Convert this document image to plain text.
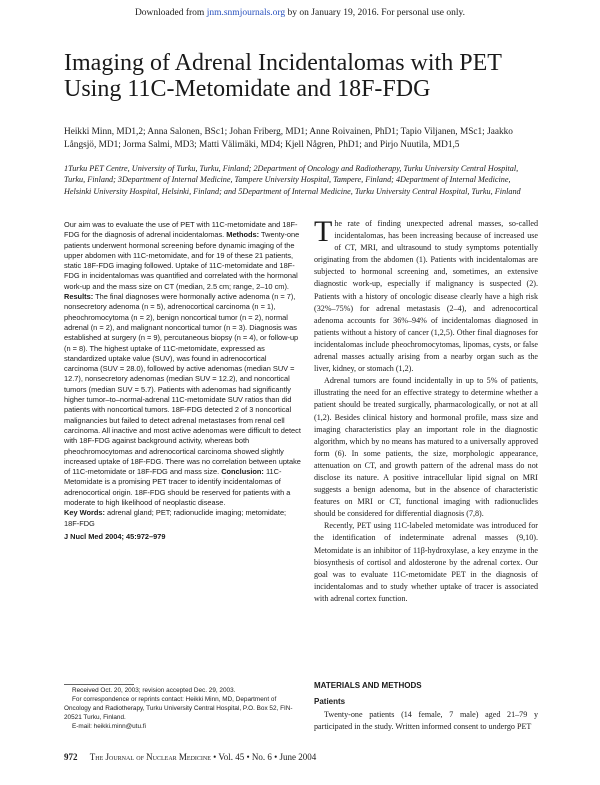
Downloaded from jnm.snmjournals.org by on January 19, 2016. For personal use only.
Imaging of Adrenal Incidentalomas with PET Using 11C-Metomidate and 18F-FDG
Heikki Minn, MD1,2; Anna Salonen, BSc1; Johan Friberg, MD1; Anne Roivainen, PhD1; Tapio Viljanen, MSc1; Jaakko Långsjö, MD1; Jorma Salmi, MD3; Matti Välimäki, MD4; Kjell Någren, PhD1; and Pirjo Nuutila, MD1,5
1Turku PET Centre, University of Turku, Turku, Finland; 2Department of Oncology and Radiotherapy, Turku University Central Hospital, Turku, Finland; 3Department of Internal Medicine, Tampere University Hospital, Tampere, Finland; 4Department of Internal Medicine, Helsinki University Hospital, Helsinki, Finland; and 5Department of Internal Medicine, Turku University Central Hospital, Turku, Finland
Our aim was to evaluate the use of PET with 11C-metomidate and 18F-FDG for the diagnosis of adrenal incidentalomas. Methods: Twenty-one patients underwent hormonal screening before dynamic imaging of the upper abdomen with 11C-metomidate, and for 19 of these 21 patients, static 18F-FDG imaging followed. Uptake of 11C-metomidate and 18F-FDG in incidentalomas was quantified and correlated with the hormonal work-up and the mass size on CT (median, 2.5 cm; range, 2–10 cm). Results: The final diagnoses were hormonally active adenoma (n = 7), nonsecretory adenoma (n = 5), adrenocortical carcinoma (n = 1), pheochromocytoma (n = 2), benign noncortical tumor (n = 2), normal adrenal (n = 2), and malignant noncortical tumor (n = 3). Diagnosis was established at surgery (n = 9), percutaneous biopsy (n = 4), or follow-up (n = 8). The highest uptake of 11C-metomidate, expressed as standardized uptake value (SUV), was found in adrenocortical carcinoma (SUV = 28.0), followed by active adenomas (median SUV = 12.7), nonsecretory adenomas (median SUV = 12.2), and noncortical tumors (median SUV = 5.7). Patients with adenomas had significantly higher tumor–to–normal-adrenal 11C-metomidate SUV ratios than did patients with noncortical tumors. 18F-FDG detected 2 of 3 noncortical malignancies but failed to detect adrenal metastases from renal cell carcinoma. All inactive and most active adenomas were difficult to detect with 18F-FDG against background activity, whereas both pheochromocytomas and adrenocortical carcinoma showed slightly increased uptake of 18F-FDG. There was no correlation between uptake of 11C-metomidate or 18F-FDG and mass size. Conclusion: 11C-Metomidate is a promising PET tracer to identify incidentalomas of adrenocortical origin. 18F-FDG should be reserved for patients with a moderate to high likelihood of neoplastic disease.
Key Words: adrenal gland; PET; radionuclide imaging; metomidate; 18F-FDG
J Nucl Med 2004; 45:972–979

Received Oct. 20, 2003; revision accepted Dec. 29, 2003.

For correspondence or reprints contact: Heikki Minn, MD, Department of Oncology and Radiotherapy, Turku University Central Hospital, P.O. Box 52, FIN-20521 Turku, Finland.

E-mail: heikki.minn@utu.fi

The rate of finding unexpected adrenal masses, so-called incidentalomas, has been increasing because of increased use of CT, MRI, and ultrasound to study symptoms potentially originating from the abdomen (1). Patients with incidentalomas are subjected to hormonal screening and, sometimes, an extensive diagnostic work-up, especially if malignancy is suspected (2). Patients with a history of oncologic disease clearly have a high risk (32%–75%) for adrenal metastasis (2–4), and adrenocortical adenoma accounts for 36%–94% of incidentalomas diagnosed in patients without a history of cancer (1,2,5). Other final diagnoses for incidentalomas include pheochromocytomas, lipomas, cysts, or false adrenal masses actually arising from a nearby organ such as the liver, kidney, or stomach (1,2).

Adrenal tumors are found incidentally in up to 5% of patients, illustrating the need for an effective strategy to determine whether a patient should be treated surgically, pharmacologically, or not at all (1,2). Besides clinical history and hormonal profile, mass size and imaging characteristics play an important role in the diagnostic algorithm, which by no means has matured to a universally approved form (6). In some patients, the size, morphologic appearance, attenuation on CT, and growth pattern of the adrenal mass do not disclose its nature. A positive intracellular lipid signal on MRI suggests a benign adenoma, but in the absence of characteristic features on MRI or CT, functional imaging with radionuclides should be considered for differential diagnosis (7,8).

Recently, PET using 11C-labeled metomidate was introduced for the identification of indeterminate adrenal masses (9,10). Metomidate is an inhibitor of 11β-hydroxylase, a key enzyme in the biosynthesis of cortisol and aldosterone by the adrenal cortex. Our goal was to evaluate 11C-metomidate PET in the diagnosis of incidentalomas and to study whether uptake of tracer is associated with adrenal cortex function.

MATERIALS AND METHODS
Patients
Twenty-one patients (14 female, 7 male) aged 21–79 y participated in the study. Written informed consent to undergo PET
972 The Journal of Nuclear Medicine • Vol. 45 • No. 6 • June 2004
